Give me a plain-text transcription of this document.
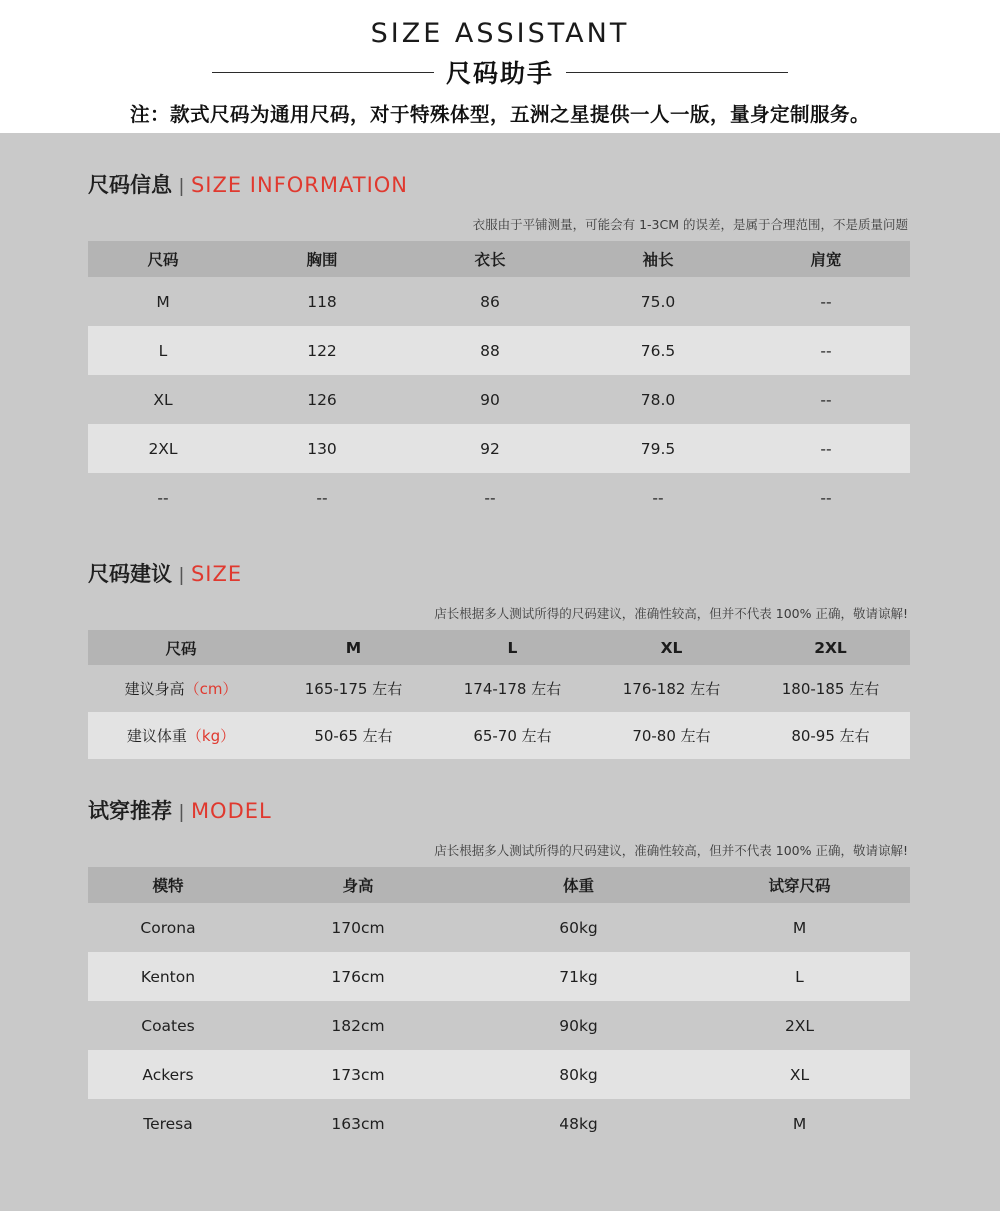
SIZE ASSISTANT
尺码助手
注：款式尺码为通用尺码，对于特殊体型，五洲之星提供一人一版，量身定制服务。
尺码信息 | SIZE INFORMATION
衣服由于平铺测量，可能会有 1-3CM 的误差，是属于合理范围，不是质量问题
尺码	胸围	衣长	袖长	肩宽
M	118	86	75.0	--
L	122	88	76.5	--
XL	126	90	78.0	--
2XL	130	92	79.5	--
--	--	--	--	--
尺码建议 | SIZE
店长根据多人测试所得的尺码建议，准确性较高，但并不代表 100% 正确，敬请谅解!
尺码	M	L	XL	2XL
建议身高（cm）	165-175 左右	174-178 左右	176-182 左右	180-185 左右
建议体重（kg）	50-65 左右	65-70 左右	70-80 左右	80-95 左右
试穿推荐 | MODEL
店长根据多人测试所得的尺码建议，准确性较高，但并不代表 100% 正确，敬请谅解!
模特	身高	体重	试穿尺码
Corona	170cm	60kg	M
Kenton	176cm	71kg	L
Coates	182cm	90kg	2XL
Ackers	173cm	80kg	XL
Teresa	163cm	48kg	M
